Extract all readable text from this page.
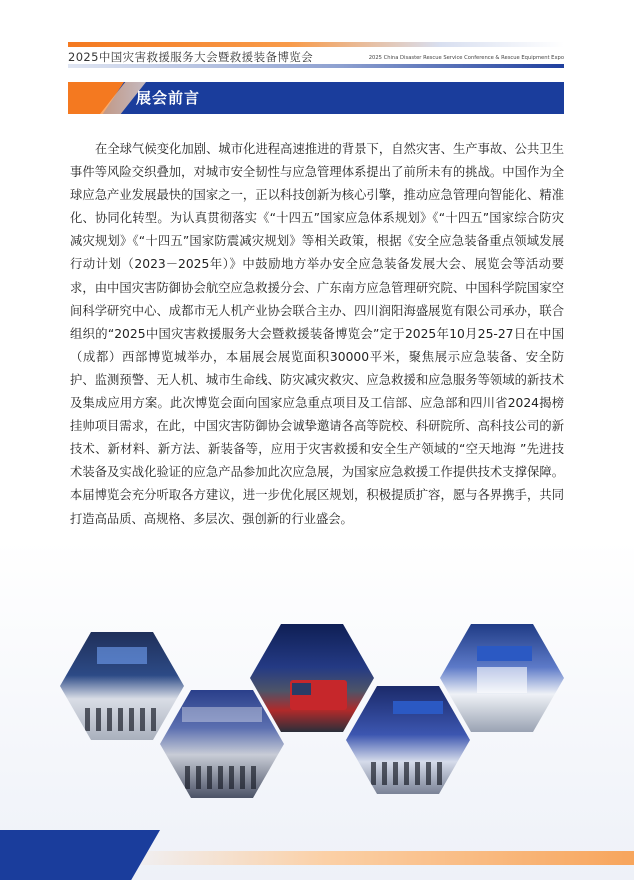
2025中国灾害救援服务大会暨救援装备博览会	2025 China Disaster Rescue Service Conference & Rescue Equipment Expo
展会前言

在全球气候变化加剧、城市化进程高速推进的背景下，自然灾害、生产事故、公共卫生事件等风险交织叠加，对城市安全韧性与应急管理体系提出了前所未有的挑战。中国作为全球应急产业发展最快的国家之一，正以科技创新为核心引擎，推动应急管理向智能化、精准化、协同化转型。为认真贯彻落实《“十四五”国家应急体系规划》《“十四五”国家综合防灾减灾规划》《“十四五”国家防震减灾规划》等相关政策，根据《安全应急装备重点领域发展行动计划（2023－2025年）》中鼓励地方举办安全应急装备发展大会、展览会等活动要求，由中国灾害防御协会航空应急救援分会、广东南方应急管理研究院、中国科学院国家空间科学研究中心、成都市无人机产业协会联合主办、四川润阳海盛展览有限公司承办，联合组织的“2025中国灾害救援服务大会暨救援装备博览会”定于2025年10月25-27日在中国（成都）西部博览城举办，本届展会展览面积30000平米，聚焦展示应急装备、安全防护、监测预警、无人机、城市生命线、防灾减灾救灾、应急救援和应急服务等领域的新技术及集成应用方案。此次博览会面向国家应急重点项目及工信部、应急部和四川省2024揭榜挂帅项目需求，在此，中国灾害防御协会诚挚邀请各高等院校、科研院所、高科技公司的新技术、新材料、新方法、新装备等，应用于灾害救援和安全生产领域的“空天地海 ”先进技术装备及实战化验证的应急产品参加此次应急展，为国家应急救援工作提供技术支撑保障。本届博览会充分听取各方建议，进一步优化展区规划，积极提质扩容，愿与各界携手，共同打造高品质、高规格、多层次、强创新的行业盛会。
